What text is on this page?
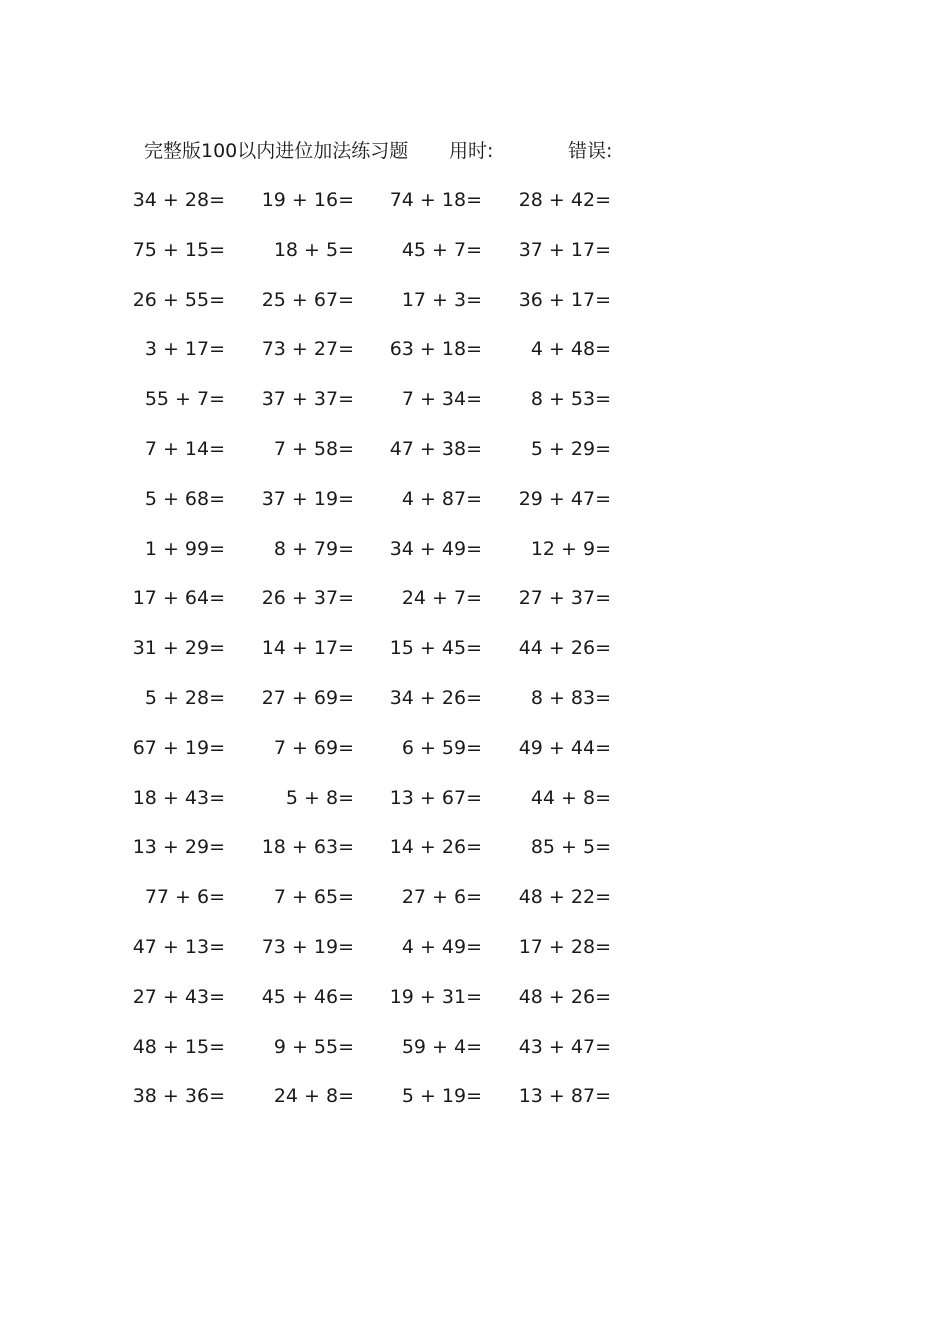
完整版100以内进位加法练习题 用时:	错误:
34 + 28=	19 + 16=	74 + 18=	28 + 42=
75 + 15=	18 + 5=	45 + 7=	37 + 17=
26 + 55=	25 + 67=	17 + 3=	36 + 17=
3 + 17=	73 + 27=	63 + 18=	4 + 48=
55 + 7=	37 + 37=	7 + 34=	8 + 53=
7 + 14=	7 + 58=	47 + 38=	5 + 29=
5 + 68=	37 + 19=	4 + 87=	29 + 47=
1 + 99=	8 + 79=	34 + 49=	12 + 9=
17 + 64=	26 + 37=	24 + 7=	27 + 37=
31 + 29=	14 + 17=	15 + 45=	44 + 26=
5 + 28=	27 + 69=	34 + 26=	8 + 83=
67 + 19=	7 + 69=	6 + 59=	49 + 44=
18 + 43=	5 + 8=	13 + 67=	44 + 8=
13 + 29=	18 + 63=	14 + 26=	85 + 5=
77 + 6=	7 + 65=	27 + 6=	48 + 22=
47 + 13=	73 + 19=	4 + 49=	17 + 28=
27 + 43=	45 + 46=	19 + 31=	48 + 26=
48 + 15=	9 + 55=	59 + 4=	43 + 47=
38 + 36=	24 + 8=	5 + 19=	13 + 87=
